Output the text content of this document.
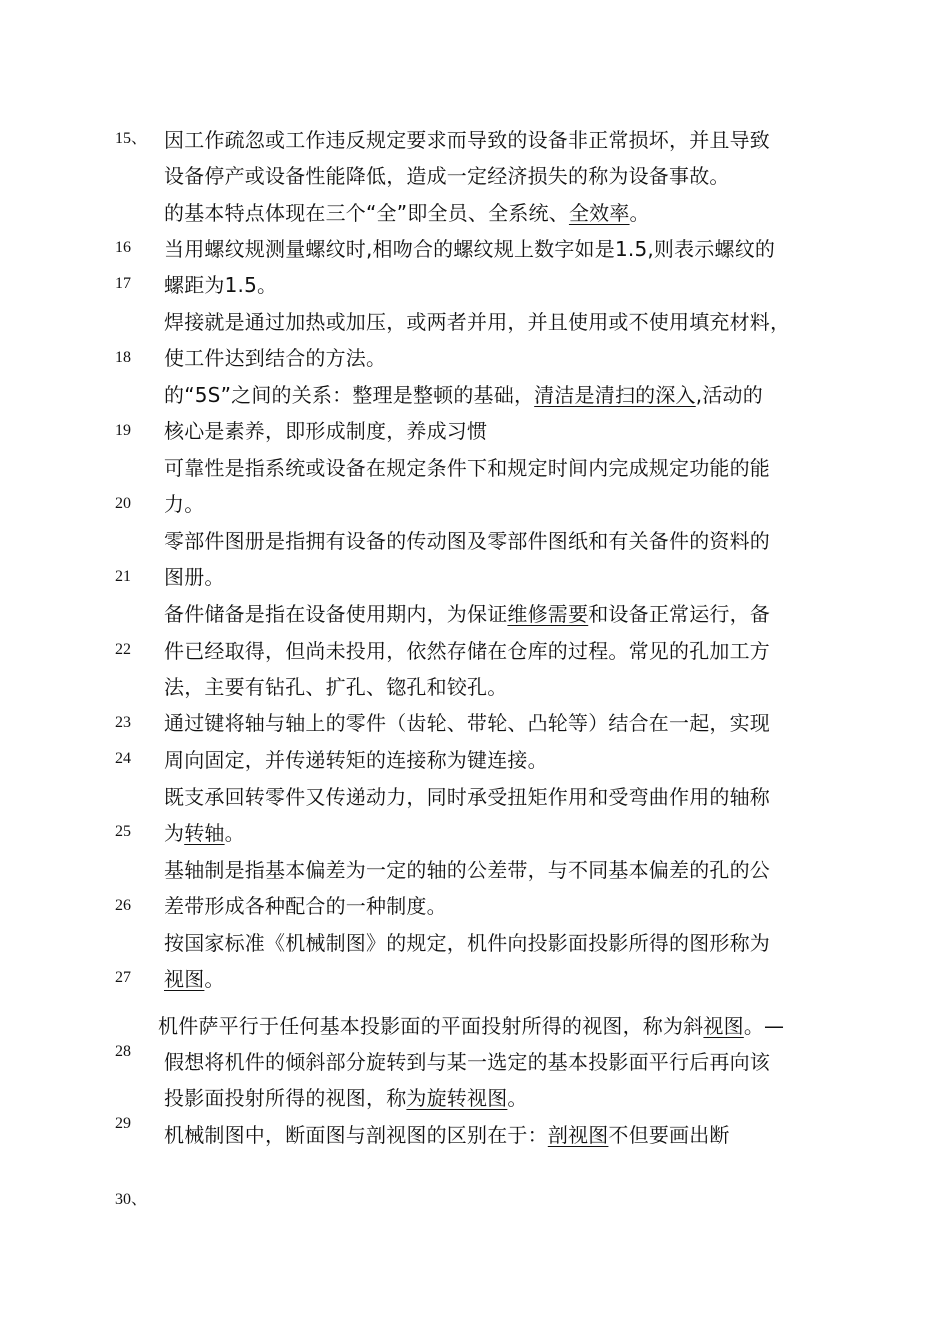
15、
16
17
18
19
20
21
22
23
24
25
26
27
28
29
30、
因工作疏忽或工作违反规定要求而导致的设备非正常损坏，并且导致
设备停产或设备性能降低，造成一定经济损失的称为设备事故。
的基本特点体现在三个“全”即全员、全系统、全效率。
当用螺纹规测量螺纹时,相吻合的螺纹规上数字如是1.5,则表示螺纹的
螺距为1.5。
焊接就是通过加热或加压，或两者并用，并且使用或不使用填充材料，
使工件达到结合的方法。
的“5S”之间的关系：整理是整顿的基础，清洁是清扫的深入,活动的
核心是素养，即形成制度，养成习惯
可靠性是指系统或设备在规定条件下和规定时间内完成规定功能的能
力。
零部件图册是指拥有设备的传动图及零部件图纸和有关备件的资料的
图册。
备件储备是指在设备使用期内，为保证维修需要和设备正常运行，备
件已经取得，但尚未投用，依然存储在仓库的过程。常见的孔加工方
法，主要有钻孔、扩孔、锪孔和铰孔。
通过键将轴与轴上的零件（齿轮、带轮、凸轮等）结合在一起，实现
周向固定，并传递转矩的连接称为键连接。
既支承回转零件又传递动力，同时承受扭矩作用和受弯曲作用的轴称
为转轴。
基轴制是指基本偏差为一定的轴的公差带，与不同基本偏差的孔的公
差带形成各种配合的一种制度。
按国家标准《机械制图》的规定，机件向投影面投影所得的图形称为
视图。
机件萨平行于任何基本投影面的平面投射所得的视图，称为斜视图。—
假想将机件的倾斜部分旋转到与某一选定的基本投影面平行后再向该
投影面投射所得的视图，称为旋转视图。
机械制图中，断面图与剖视图的区别在于：剖视图不但要画出断
